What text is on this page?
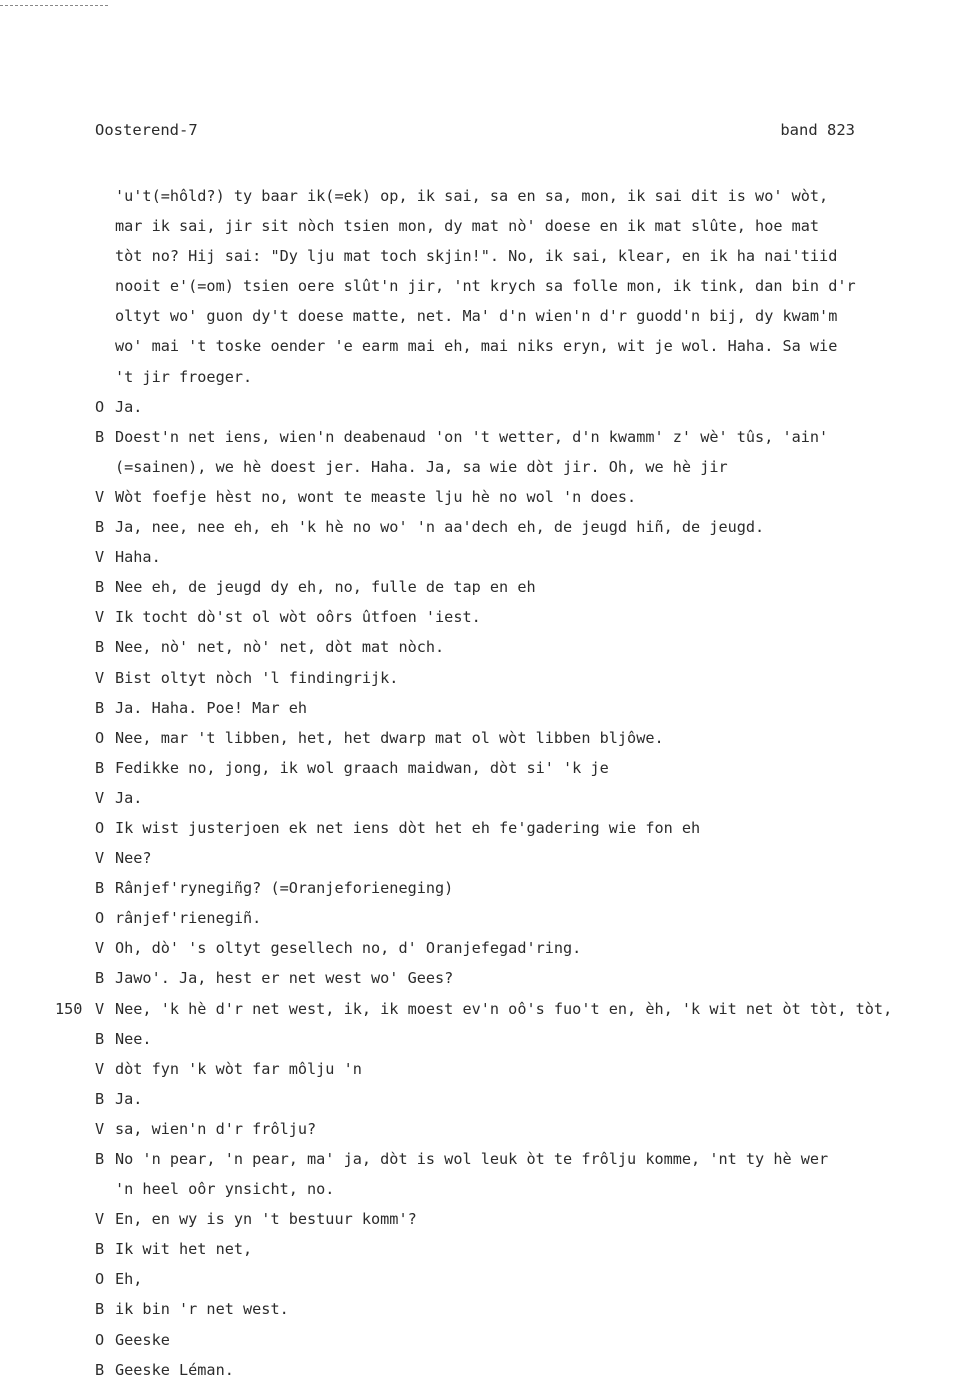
Oosterend-7	band 823
'u't(=hôld?) ty baar ik(=ek) op, ik sai, sa en sa, mon, ik sai dit is wo' wòt,
mar ik sai, jir sit nòch tsien mon, dy mat nò' doese en ik mat slûte, hoe mat
tòt no? Hij sai: "Dy lju mat toch skjin!". No, ik sai, klear, en ik ha nai'tiid
nooit e'(=om) tsien oere slût'n jir, 'nt krych sa folle mon, ik tink, dan bin d'r
oltyt wo' guon dy't doese matte, net. Ma' d'n wien'n d'r guodd'n bij, dy kwam'm
wo' mai 't toske oender 'e earm mai eh, mai niks eryn, wit je wol. Haha. Sa wie
't jir froeger.
O Ja.
B Doest'n net iens, wien'n deabenaud 'on 't wetter, d'n kwamm' z' wè' tûs, 'ain'
(=sainen), we hè doest jer. Haha. Ja, sa wie dòt jir. Oh, we hè jir
V Wòt foefje hèst no, wont te measte lju hè no wol 'n does.
B Ja, nee, nee eh, eh 'k hè no wo' 'n aa'dech eh, de jeugd hiñ, de jeugd.
V Haha.
B Nee eh, de jeugd dy eh, no, fulle de tap en eh
V Ik tocht dò'st ol wòt oôrs ûtfoen 'iest.
B Nee, nò' net, nò' net, dòt mat nòch.
V Bist oltyt nòch 'l findingrijk.
B Ja. Haha. Poe! Mar eh
O Nee, mar 't libben, het, het dwarp mat ol wòt libben bljôwe.
B Fedikke no, jong, ik wol graach maidwan, dòt si' 'k je
V Ja.
O Ik wist justerjoen ek net iens dòt het eh fe'gadering wie fon eh
V Nee?
B Rânjef'rynegiñg? (=Oranjeforieneging)
O rânjef'rienegiñ.
V Oh, dò' 's oltyt gesellech no, d' Oranjefegad'ring.
B Jawo'. Ja, hest er net west wo' Gees?
150 V Nee, 'k hè d'r net west, ik, ik moest ev'n oô's fuo't en, èh, 'k wit net òt tòt, tòt,
B Nee.
V dòt fyn 'k wòt far môlju 'n
B Ja.
V sa, wien'n d'r frôlju?
B No 'n pear, 'n pear, ma' ja, dòt is wol leuk òt te frôlju komme, 'nt ty hè wer
'n heel oôr ynsicht, no.
V En, en wy is yn 't bestuur komm'?
B Ik wit het net,
O Eh,
B ik bin 'r net west.
O Geeske
B Geeske Léman.
